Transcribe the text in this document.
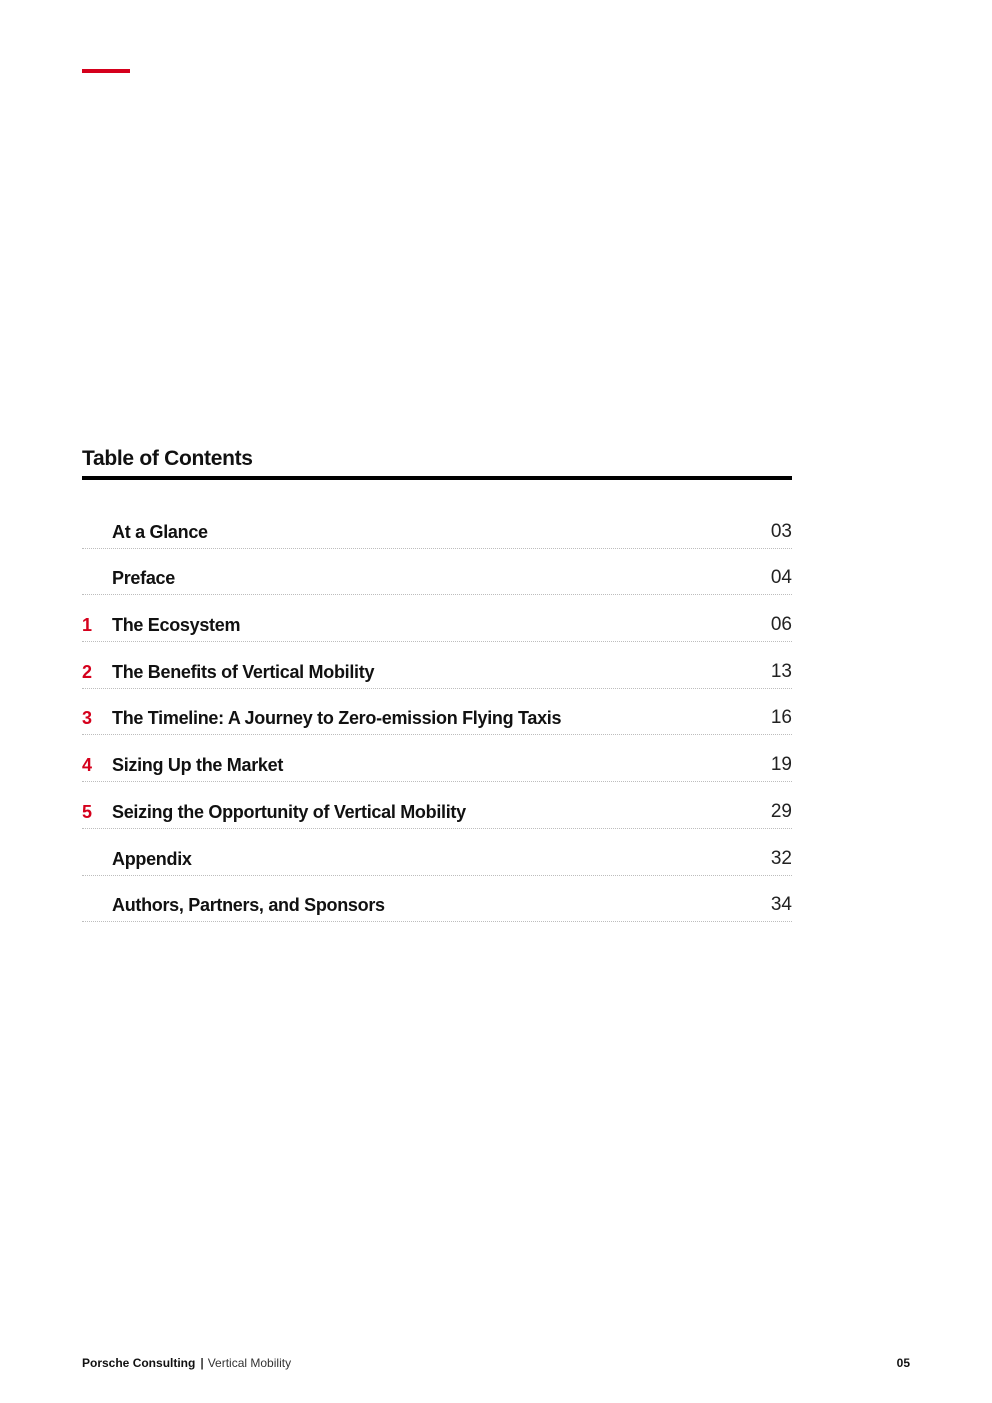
Table of Contents
At a Glance	03
Preface	04
1 The Ecosystem	06
2 The Benefits of Vertical Mobility	13
3 The Timeline: A Journey to Zero-emission Flying Taxis	16
4 Sizing Up the Market	19
5 Seizing the Opportunity of Vertical Mobility	29
Appendix	32
Authors, Partners, and Sponsors	34
Porsche Consulting | Vertical Mobility	05
